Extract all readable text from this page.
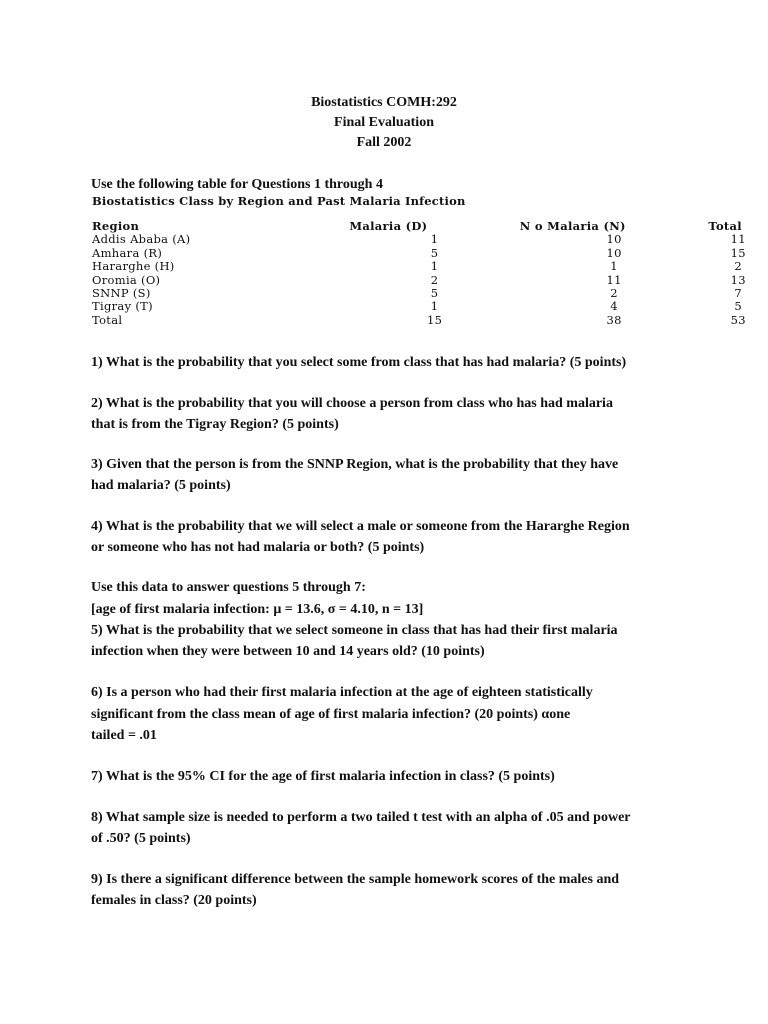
Biostatistics COMH:292
Final Evaluation
Fall 2002
Use the following table for Questions 1 through 4
Biostatistics Class by Region and Past Malaria Infection
Region	Malaria (D)	N o Malaria (N)	Total
Addis Ababa (A)	1	10	11
Amhara (R)	5	10	15
Hararghe (H)	1	1	2
Oromia (O)	2	11	13
SNNP (S)	5	2	7
Tigray (T)	1	4	5
Total	15	38	53
1) What is the probability that you select some from class that has had malaria? (5 points)
2) What is the probability that you will choose a person from class who has had malaria
that is from the Tigray Region? (5 points)
3) Given that the person is from the SNNP Region, what is the probability that they have
had malaria? (5 points)
4) What is the probability that we will select a male or someone from the Hararghe Region
or someone who has not had malaria or both? (5 points)
Use this data to answer questions 5 through 7:
[age of first malaria infection: μ = 13.6, σ = 4.10, n = 13]
5) What is the probability that we select someone in class that has had their first malaria
infection when they were between 10 and 14 years old? (10 points)
6) Is a person who had their first malaria infection at the age of eighteen statistically
significant from the class mean of age of first malaria infection? (20 points) αone
tailed = .01
7) What is the 95% CI for the age of first malaria infection in class? (5 points)
8) What sample size is needed to perform a two tailed t test with an alpha of .05 and power
of .50? (5 points)
9) Is there a significant difference between the sample homework scores of the males and
females in class? (20 points)
